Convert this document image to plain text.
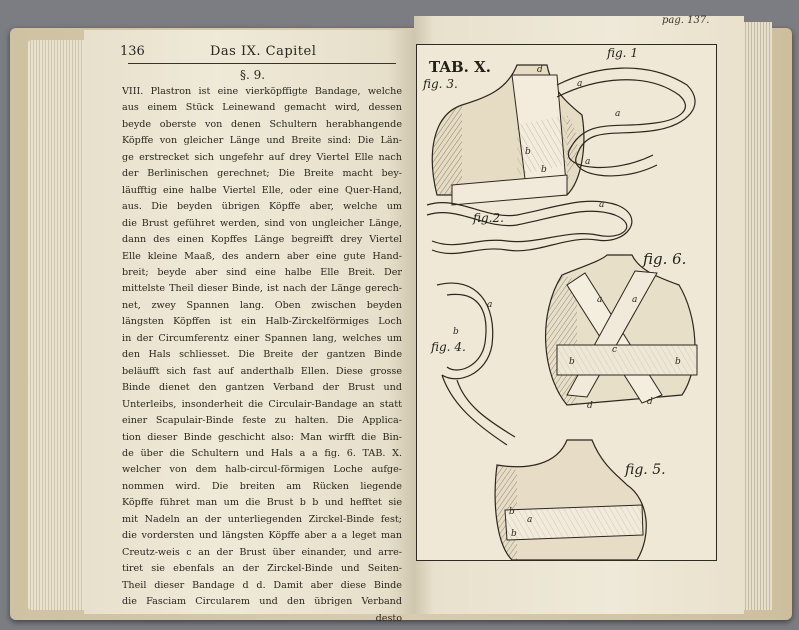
136	Das IX. Capitel
§. 9.
VIII. Plastron ist eine vierköpffigte Bandage, welche
aus einem Stück Leinewand gemacht wird, dessen
beyde oberste von denen Schultern herabhangende
Köpffe von gleicher Länge und Breite sind: Die Län-
ge erstrecket sich ungefehr auf drey Viertel Elle nach
der Berlinischen gerechnet; Die Breite macht bey-
läufftig eine halbe Viertel Elle, oder eine Quer-Hand,
aus. Die beyden übrigen Köpffe aber, welche um
die Brust geführet werden, sind von ungleicher Länge,
dann des einen Kopffes Länge begreifft drey Viertel
Elle kleine Maaß, des andern aber eine gute Hand-
breit; beyde aber sind eine halbe Elle Breit. Der
mittelste Theil dieser Binde, ist nach der Länge gerech-
net, zwey Spannen lang. Oben zwischen beyden
längsten Köpffen ist ein Halb-Zirckelförmiges Loch
in der Circumferentz einer Spannen lang, welches um
den Hals schliesset. Die Breite der gantzen Binde
beläufft sich fast auf anderthalb Ellen. Diese grosse
Binde dienet den gantzen Verband der Brust und
Unterleibs, insonderheit die Circulair-Bandage an statt
einer Scapulair-Binde feste zu halten. Die Applica-
tion dieser Binde geschicht also: Man wirfft die Bin-
de über die Schultern und Hals a a fig. 6. TAB. X.
welcher von dem halb-circul-förmigen Loche aufge-
nommen wird. Die breiten am Rücken liegende
Köpffe führet man um die Brust b b und hefftet sie
mit Nadeln an der unterliegenden Zirckel-Binde fest;
die vordersten und längsten Köpffe aber a a leget man
Creutz-weis c an der Brust über einander, und arre-
tiret sie ebenfals an der Zirckel-Binde und Seiten-
Theil dieser Bandage d d. Damit aber diese Binde
die Fasciam Circularem und den übrigen Verband
desto
pag. 137.
TAB. X.
fig. 1
fig. 3.
fig.2.
fig. 6.
fig. 4.
fig. 5.
d
a
a
b
b
a
a
a	a
c
b	b
d	d
a
b
b
b
a
